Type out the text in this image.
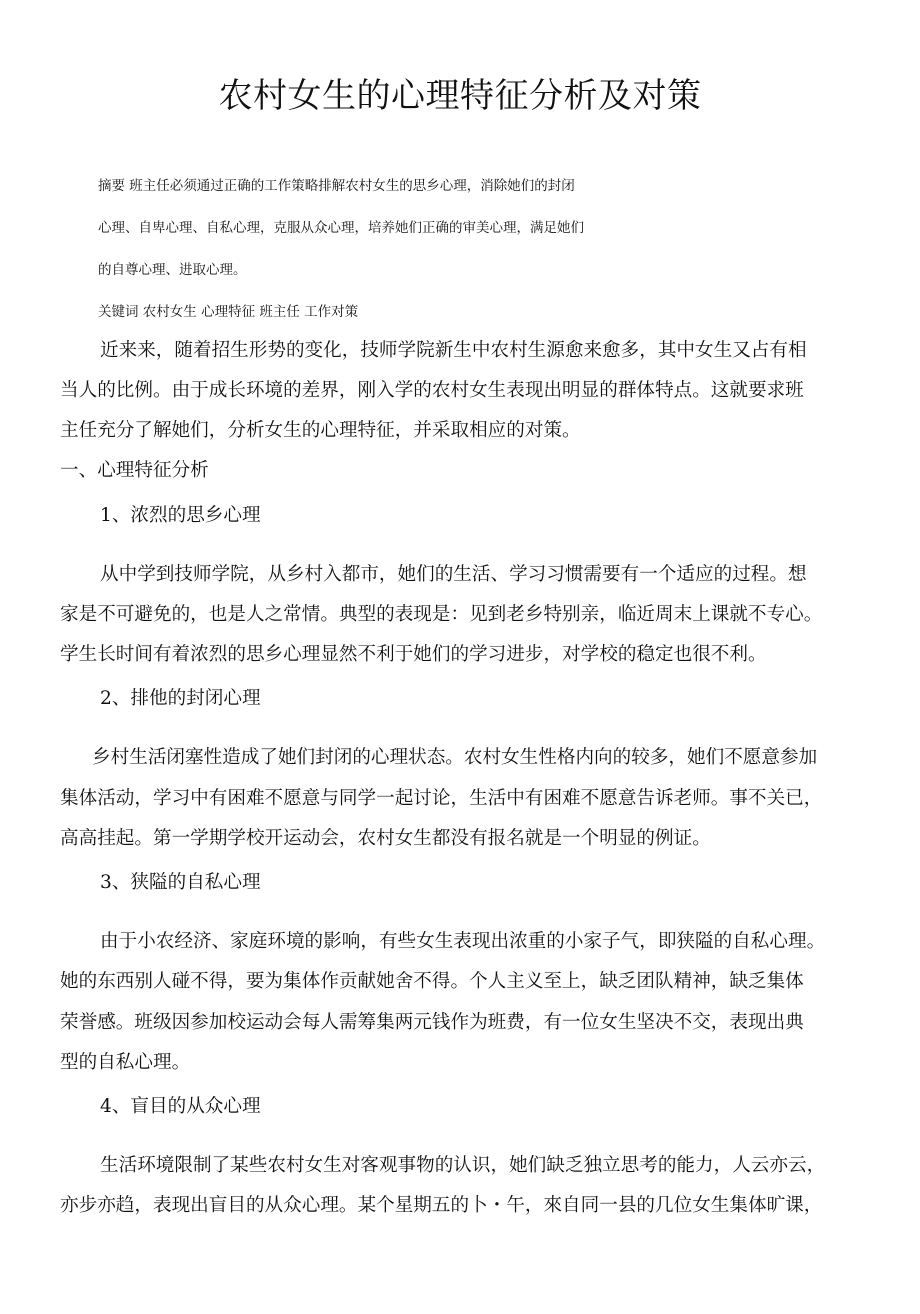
农村女生的心理特征分析及对策
摘要 班主任必须通过正确的工作策略排解农村女生的思乡心理，消除她们的封闭
心理、自卑心理、自私心理，克服从众心理，培养她们正确的审美心理，满足她们
的自尊心理、进取心理。
关键词 农村女生 心理特征 班主任 工作对策
近来来，随着招生形势的变化，技师学院新生中农村生源愈来愈多，其中女生又占有相
当人的比例。由于成长环境的差界，刚入学的农村女生表现出明显的群体特点。这就要求班
主任充分了解她们，分析女生的心理特征，并采取相应的对策。
一、心理特征分析
1、浓烈的思乡心理
从中学到技师学院，从乡村入都市，她们的生活、学习习惯需要有一个适应的过程。想
家是不可避免的，也是人之常情。典型的表现是：见到老乡特别亲，临近周末上课就不专心。
学生长时间有着浓烈的思乡心理显然不利于她们的学习进步，对学校的稳定也很不利。
2、排他的封闭心理
乡村生活闭塞性造成了她们封闭的心理状态。农村女生性格内向的较多，她们不愿意参加
集体活动，学习中有困难不愿意与同学一起讨论，生活中有困难不愿意告诉老师。事不关已，
高高挂起。第一学期学校开运动会，农村女生都没有报名就是一个明显的例证。
3、狭隘的自私心理
由于小农经济、家庭环境的影响，有些女生表现出浓重的小家子气，即狭隘的自私心理。
她的东西别人碰不得，要为集体作贡献她舍不得。个人主义至上，缺乏团队精神，缺乏集体
荣誉感。班级因参加校运动会每人需筹集两元钱作为班费，有一位女生坚决不交，表现出典
型的自私心理。
4、盲目的从众心理
生活环境限制了某些农村女生对客观事物的认识，她们缺乏独立思考的能力，人云亦云，
亦步亦趋，表现出盲目的从众心理。某个星期五的卜・午，來自同一县的几位女生集体旷课，
